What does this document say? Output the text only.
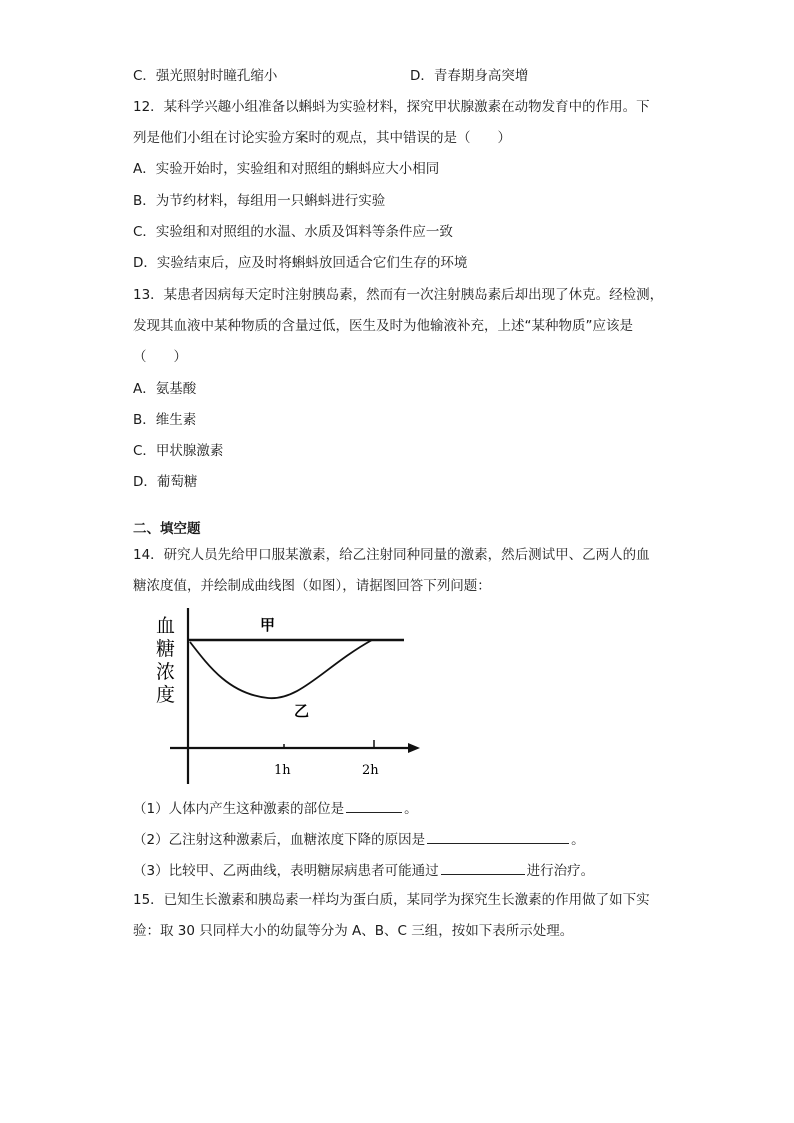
C．强光照射时瞳孔缩小	D．青春期身高突增
12．某科学兴趣小组准备以蝌蚪为实验材料，探究甲状腺激素在动物发育中的作用。下
列是他们小组在讨论实验方案时的观点，其中错误的是（　　）
A．实验开始时，实验组和对照组的蝌蚪应大小相同
B．为节约材料，每组用一只蝌蚪进行实验
C．实验组和对照组的水温、水质及饵料等条件应一致
D．实验结束后，应及时将蝌蚪放回适合它们生存的环境
13．某患者因病每天定时注射胰岛素，然而有一次注射胰岛素后却出现了休克。经检测，
发现其血液中某种物质的含量过低，医生及时为他输液补充，上述“某种物质”应该是
（　　）
A．氨基酸
B．维生素
C．甲状腺激素
D．葡萄糖
二、填空题
14．研究人员先给甲口服某激素，给乙注射同种同量的激素，然后测试甲、乙两人的血
糖浓度值，并绘制成曲线图（如图），请据图回答下列问题：
血
糖
浓
度
甲
乙
1h	2h
（1）人体内产生这种激素的部位是	。
（2）乙注射这种激素后，血糖浓度下降的原因是	。
（3）比较甲、乙两曲线，表明糖尿病患者可能通过	进行治疗。
15．已知生长激素和胰岛素一样均为蛋白质，某同学为探究生长激素的作用做了如下实
验：取 30 只同样大小的幼鼠等分为 A、B、C 三组，按如下表所示处理。
